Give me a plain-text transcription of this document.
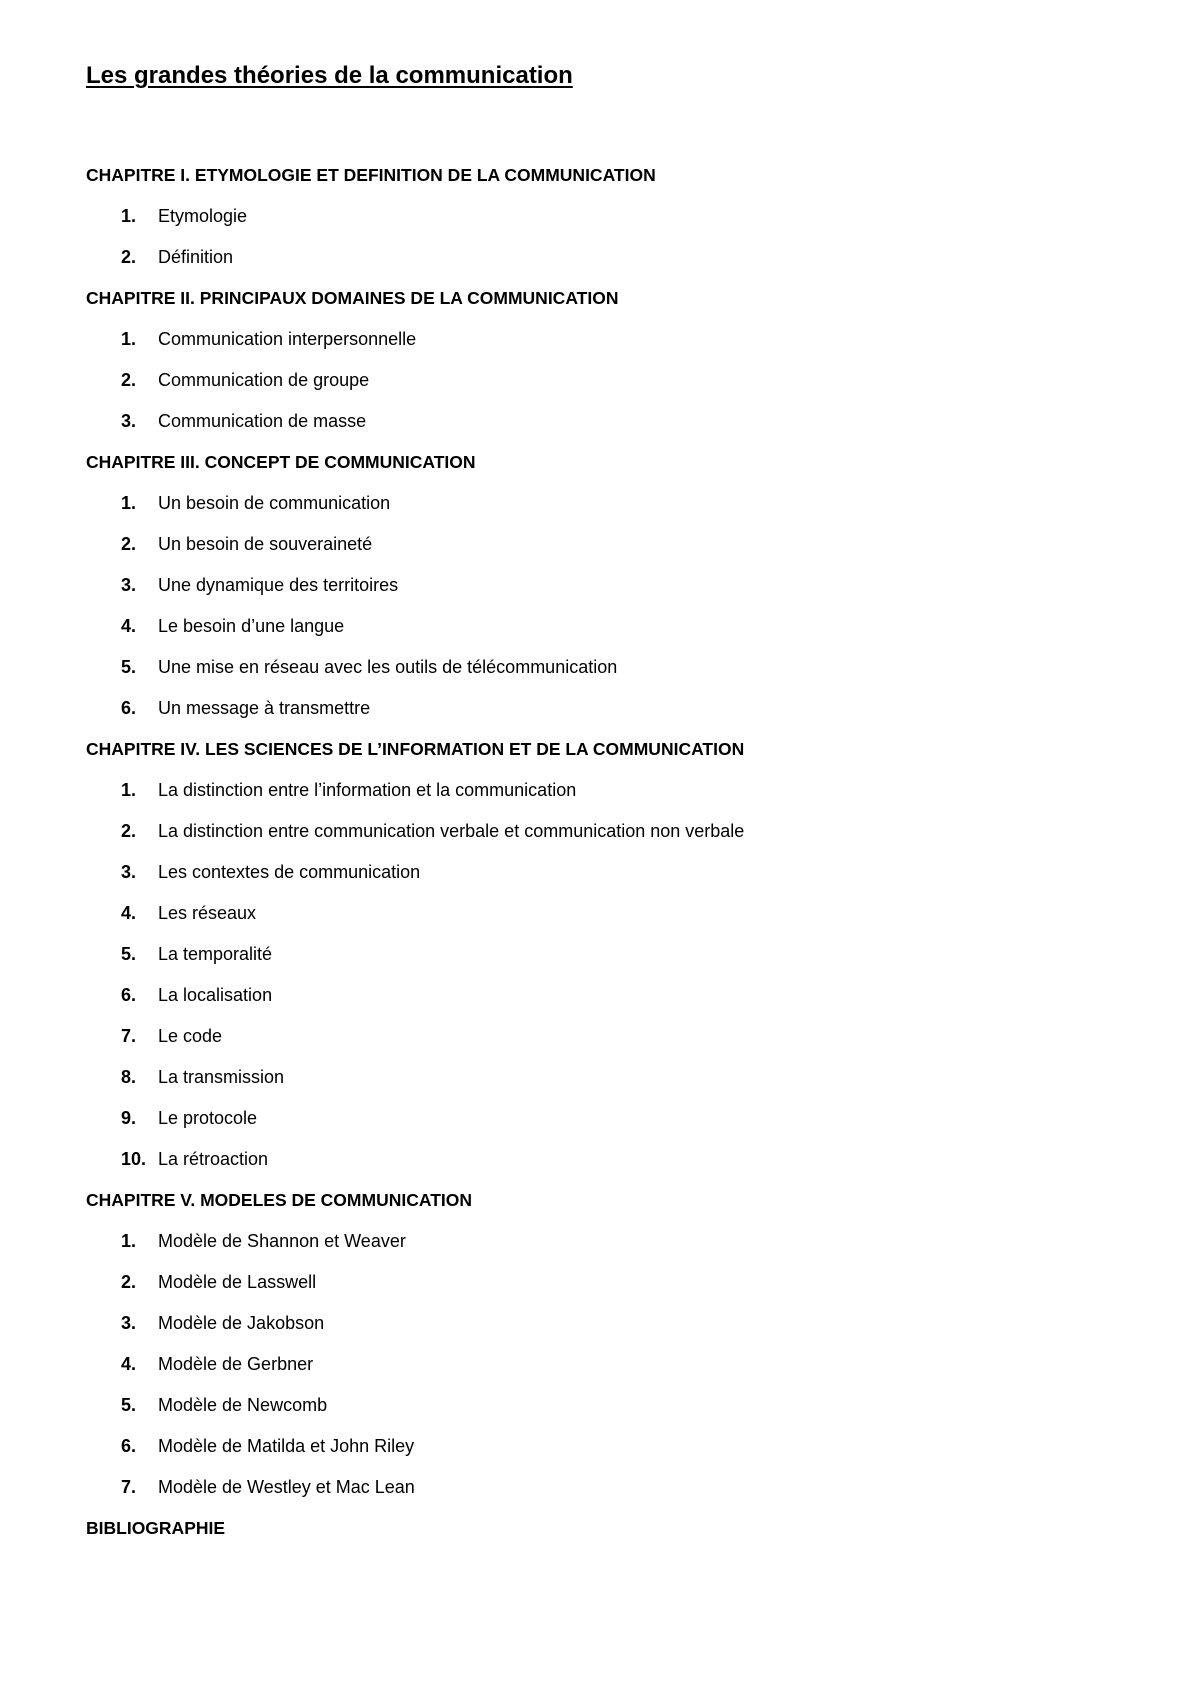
Les grandes théories de la communication
CHAPITRE I. ETYMOLOGIE ET DEFINITION DE LA COMMUNICATION
1. Etymologie
2. Définition
CHAPITRE II. PRINCIPAUX DOMAINES DE LA COMMUNICATION
1. Communication interpersonnelle
2. Communication de groupe
3. Communication de masse
CHAPITRE III. CONCEPT DE COMMUNICATION
1. Un besoin de communication
2. Un besoin de souveraineté
3. Une dynamique des territoires
4. Le besoin d’une langue
5. Une mise en réseau avec les outils de télécommunication
6. Un message à transmettre
CHAPITRE IV. LES SCIENCES DE L’INFORMATION ET DE LA COMMUNICATION
1. La distinction entre l’information et la communication
2. La distinction entre communication verbale et communication non verbale
3. Les contextes de communication
4. Les réseaux
5. La temporalité
6. La localisation
7. Le code
8. La transmission
9. Le protocole
10. La rétroaction
CHAPITRE V. MODELES DE COMMUNICATION
1. Modèle de Shannon et Weaver
2. Modèle de Lasswell
3. Modèle de Jakobson
4. Modèle de Gerbner
5. Modèle de Newcomb
6. Modèle de Matilda et John Riley
7. Modèle de Westley et Mac Lean
BIBLIOGRAPHIE
